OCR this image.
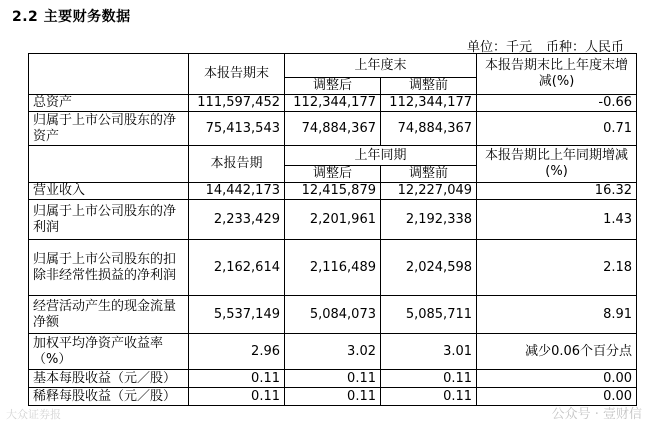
2.2 主要财务数据
单位：千元 币种：人民币
	本报告期末	上年度末		本报告期末比上年度末增减(%)
		调整后	调整前	
总资产	111,597,452	112,344,177	112,344,177	-0.66
归属于上市公司股东的净资产	75,413,543	74,884,367	74,884,367	0.71
	本报告期	上年同期		本报告期比上年同期增减(%)
		调整后	调整前	
营业收入	14,442,173	12,415,879	12,227,049	16.32
归属于上市公司股东的净利润	2,233,429	2,201,961	2,192,338	1.43
归属于上市公司股东的扣除非经常性损益的净利润	2,162,614	2,116,489	2,024,598	2.18
经营活动产生的现金流量净额	5,537,149	5,084,073	5,085,711	8.91
加权平均净资产收益率（%）	2.96	3.02	3.01	减少0.06个百分点
基本每股收益（元／股）	0.11	0.11	0.11	0.00
稀释每股收益（元／股）	0.11	0.11	0.11	0.00
大众证券报	公众号 · 壹财信
